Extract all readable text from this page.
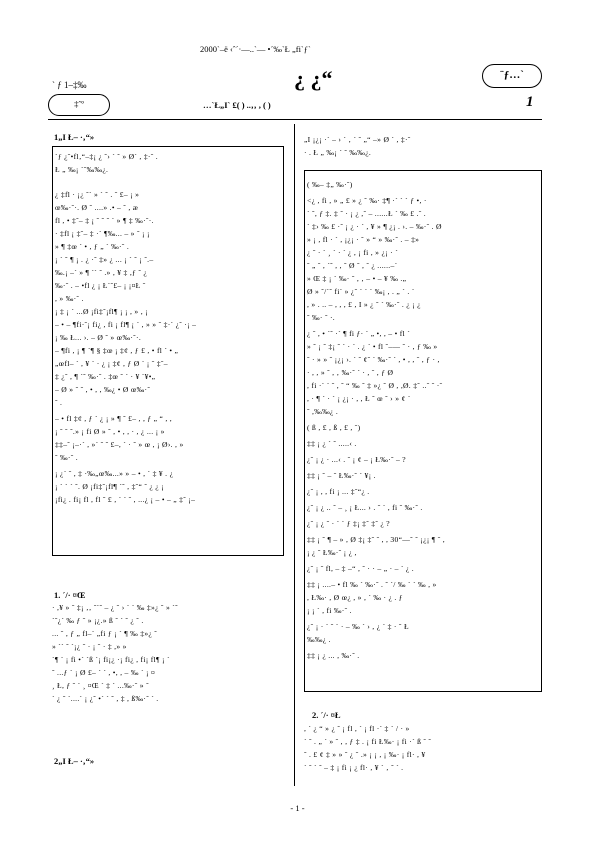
2000`–ë ‹ˆ´·—..`— •´‰`Ł „fi`ƒ`
` ƒ 1–‡‰
‡ˆº
¿ ¿“
…`Ł„Ι` £( ) ..‚‚ , ( )
¨ƒ…`
1
1„Ι Ł– ·‚“»
`ƒ ¿ˆ•fl‚“–‡¡ ¿ ˆ› ´ ˜ » Ø` , ‡·ˆ .
Ł „ ‰¡ ´ˆ‰‰¿.
¿ ‡fl · ¡¿ ˆ` » ` ˆ . ˆ £– ¡ »
œ‰·ˆ·. Ø ˆ ....» .• – ˆ , æ
fl , • ‡ˆ– ‡ ¡ ˆ ˆ ˆ ´ » ¶ ‡ ‰·ˆ·.
· ‡fl ¡ ‡ˆ– ‡ ·´ ¶‰... – » ˆ ¡ ¡
» ¶ ‡œ ´ • , ƒ „ ´ ‰·ˆ .
¡ ´ ˆ ¶ ¡ . ¿ ·ˆ ‡» ¿ ... ¡ ` ˆ ¡ ˆ.–
‰.¡ –´ » ¶ `` ˆ .» , ¥ ‡ ,ƒ ˆ ¿
‰·ˆ . – •fl ¿ ¡ Ł´ˆ£– ¡ ¡¤Ł ˆ
, » ‰·ˆ .
¡ ‡ ¡ ´ ...Ø ¡fi‡ˆ¡fl¶ ¡ ¡ , » , ¡
– • – ¶fi·ˆ¡ fi¿ , fi ¡ fl¶ ¡ ´ , » » ˆ ‡·´ ¿ˆ ·¡ –
¡ ‰ Ł... ›. – Ø ˆ » œ‰·ˆ·.
– ¶fi , ¡ ¶ ´¶ § ‡œ ¡ ‡¢ , ƒ £ , • fl ´ • „
„œfl– ´ , ¥ ´ · ¿ ¡ ‡¢ , ƒ Ø ´ ¡ ˆ ‡ˆ–
‡ ¿ˆ , ¶ ´ˆ ‰·ˆ . ‡œ ˆ ´ · ¥ ´¥•„
– Ø » ˆ ˆ , • , , ‰¿ • Ø œ‰·ˆ
ˆ .
– • fl ‡¢ , ƒ ` ¿ ¡ » ¶ ˆ £– , , ƒ „ “ , ,
¡ ˆ ˆ ˆ.» ¡ fi Ø » ˆ , • , , · , ¿ ... ¡ »
‡‡–ˆ ¡–·´ , »´ ˆ ˆ £–, ´ · ˆ » œ , ¡ Ø›. , »
ˆ ‰·ˆ .
¡ ¿´ ˆ , ‡ ·‰„œ‰...» » – • , ´ ‡ ¥ . ¿
¡ ` ` ´ ˆ. Ø ¡fi‡ˆ¡fl¶ ´ˆ , ‡ˆ“ ˆ ¿ ¿ ¡
¡fi¿ . fi¡ fl , fl ˆ £ , ´ ´ ˆ , ...¿ ¡ – • – „ ‡ˆ ¡–
1. ´/· ¤Œ
· ,¥ » ˆ ‡¡ ‚‚ ˆ`ˆ – ¿ ˆ › ` ´ ‰ ‡»¿ ˆ » `ˆ
´ˆ¿´ ‰ ƒ ˆ » ¡¿.» ß ˆ ´ ˆ ¿ ˆ .
... ˆ , ƒ „ fl–´ „fi ƒ ¡ ´ ¶ ‰ ‡»¿ ˆ
» `` ˆ ´¡¿ ˆ · ¡ ˆ · ‡ ,» »
`¶ ´ ¡ fi •´ ´ß ´¡ fi¡¿ ·¡ fi¿ , fi¡ fl¶ ¡ ´
ˆ ...ƒ ´ ¡ Ø £– ´ ´ , •, , – ‰ ´ ¡ ¤
¸ Ł, ƒ ˆ ´ ¸ ¤Œ ´ ‡ ´ ...‰·ˆ » ˆ
´ ¿ ˆ ´....` ¡ ¿ˆ •´ ´ ˆ , ‡ , ß‰·ˆ ´ .
2„Ι Ł– ·‚“»
„Ι ¡¿¡ ·´ – › ´ ‚ ´ ˆ „“ –» Ø ´ , ‡·ˆ
· . Ł „ ‰¡ ´ ˆ ‰‰¿.
( ‰– ‡„ ‰·ˆ)
<¿ , fi , » „ £ » ¿ ˆ ‰· ‡¶ ·´ ` ` ƒ •, ·
´ ˆ, ƒ ‡. ‡ ˆ · ¡ ¿ ,ˆ – ......Ł ´ ‰ £ .ˆ .
´ ‡› ‰ £ ·ˆ ¡ ¿ · ´ , ¥ » ¶ ¿¡ . ›. – ‰·ˆ . Ø
» ¡ , fl · ´ , ¡¿¡ · ˆ » “ » ‰·ˆ . – ‡»
¿ ˆ · ´ ¸ ´ · ´ ¿ , ¡ fi , » ¿¡ · ´
ˆ „ ˆ , ´ˆ , , ˆ Ø ˆ , ˆ ¿ ......–´
» Œ ‡ ¡ ´ ‰· ˆ , ‚ – • – ¥ ‰ .„
Ø » ˆ/´ˆ fi´ » ¿ˆ ´ ´ ´ ‰¡ , . „ ´ . ´
, » . .. – , , , £ , Ι » ¿ ˆ ´ ‰·ˆ . ¿ ¡ ¿
ˆ ‰· ˆ ·.
¿ ˆ , • ´ˆ ·´ ¶ fi ƒ· ´ „ •, , – • fl ´
» ˆ ¡ ˆ ‡¡ ˆ ´ · ´ . ¿ ´ • fl ˆ–— ˆ · , ƒ ‰ »
ˆ · » » ˆ ¡¿¡ ›. ´ ˆ ¢ˆ ´ ‰·ˆ ´ , • , , ˆ , ƒ · ,
· , , » ˆ , ‚ ‰·ˆ ´ · , ˆ , ƒ Ø
, fi ·´ ´ ˆ , ˆ “ ‰ ˆ ‡ »¿ ˆ Ø , ,Ø. ‡ˆ ..ˆ ˆ ·˜
, · ¶ ´ · ` ¡ ¿¡ · , , Ł ˆ œ ˆ › » ¢ ´
ˆ ,‰‰¿ .
( ß , £ , ß , £ , ˆ)
‡‡ ¡ ¿ ´ ˆ .....‹ .
¿ˆ ¡ ¿ · ...‹ . ˆ ¡ ¢ – ¡ Ł‰·ˆ – ?
‡‡ ¡ ˆ – ˆ Ł‰·ˆ ´ ¥¡ .
¿ˆ ¡ , , fi ¡ ... ‡ˆ“¿ .
¿ˆ ¡ ¿ .. ˆ – ¸ ¡ Ł... › . ˆ ´ , fi ˆ ‰·ˆ .
¿ˆ ¡ ¿ ˆ · ´ ´ ƒ ‡¡ ‡ˆ ‡ˆ ¿ ?
‡‡ ¡ ˆ ¶ – » , Ø ‡¡ ‡ˆ ˆ , , 30“—ˆ ˆ ¡¿¡ ¶ ˆ ,
¡ ¿ ˆ Ł‰·ˆ ¡ ¿ ,
¿ˆ ¡ ˆ fl, – ‡ –“ , ˆ · · – „ · – ´ ¿ .
‡‡ ¡ ....– • fl ‰ ´ ‰·ˆ . ˆ ´/ ‰ ´ ´ ‰ , »
, Ł‰· , Ø œ¿ , » , ´ ‰ · ¿ . ƒ
¡ ¡ ´ , fi ‰·ˆ .
¿ˆ ¡ · ´ ˆ ´ · – ‰ ´ › , ¿ ´ ‡ · ˆ Ł
‰‰¿ .
‡‡ ¡ ¿ ... , ‰·ˆ .
2. ´/· ¤Ł
, ´ ¿ “ » ¿ ˆ ¡ fl , ´ ¡ fl ·´ ‡ ´ / · »
´ ˆ . „ ´ » ˆ , , ƒ ‡ . ¡ fi Ł‰· ¡ fi ·´ ß ˆ ˆ
ˆ . £ ¢ ‡ » » ˆ ¿ ˆ .» ¡ ¡ , ¡ ‰· ¡ fl· , ¥
´ ˆ ´ ˆ – ‡ ¡ fi ¡ ¿ fl· , ¥ ´ ‚ ˆ ´ .
- 1 -
